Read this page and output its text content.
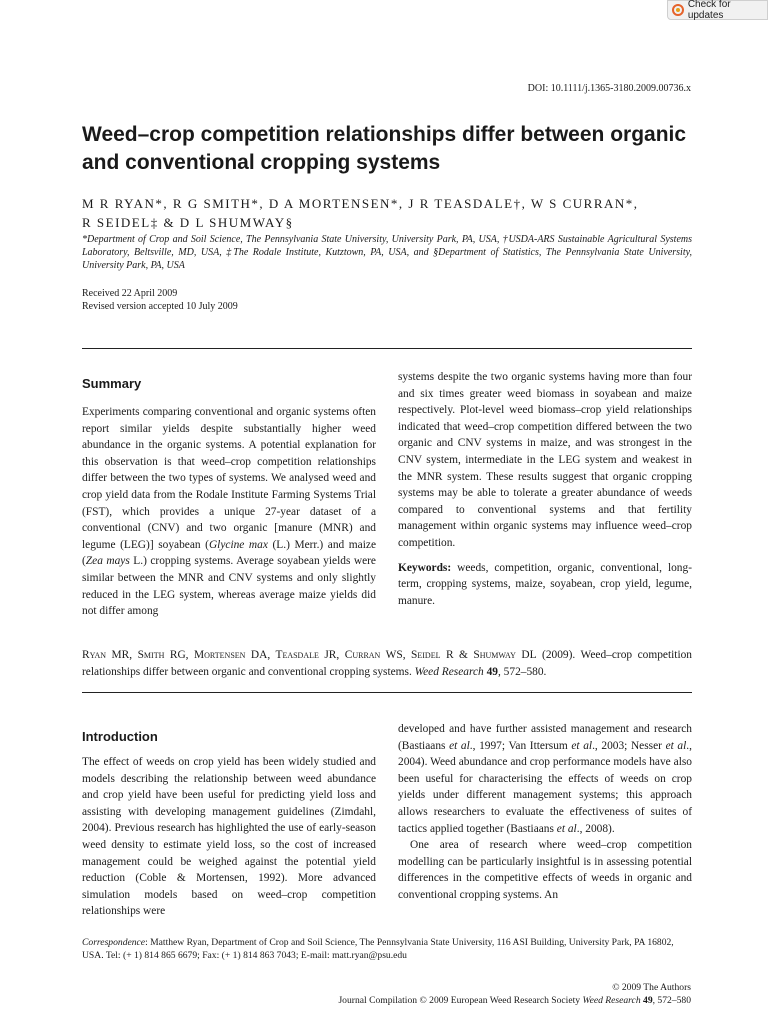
Check for updates
DOI: 10.1111/j.1365-3180.2009.00736.x
Weed–crop competition relationships differ between organic and conventional cropping systems
M R RYAN*, R G SMITH*, D A MORTENSEN*, J R TEASDALE†, W S CURRAN*,
R SEIDEL‡ & D L SHUMWAY§
*Department of Crop and Soil Science, The Pennsylvania State University, University Park, PA, USA, †USDA-ARS Sustainable Agricultural Systems Laboratory, Beltsville, MD, USA, ‡The Rodale Institute, Kutztown, PA, USA, and §Department of Statistics, The Pennsylvania State University, University Park, PA, USA
Received 22 April 2009
Revised version accepted 10 July 2009
Summary

Experiments comparing conventional and organic systems often report similar yields despite substantially higher weed abundance in the organic systems. A potential explanation for this observation is that weed–crop competition relationships differ between the two types of systems. We analysed weed and crop yield data from the Rodale Institute Farming Systems Trial (FST), which provides a unique 27-year dataset of a conventional (CNV) and two organic [manure (MNR) and legume (LEG)] soyabean (Glycine max (L.) Merr.) and maize (Zea mays L.) cropping systems. Average soyabean yields were similar between the MNR and CNV systems and only slightly reduced in the LEG system, whereas average maize yields did not differ among

systems despite the two organic systems having more than four and six times greater weed biomass in soyabean and maize respectively. Plot-level weed biomass–crop yield relationships indicated that weed–crop competition differed between the two organic and CNV systems in maize, and was strongest in the CNV system, intermediate in the LEG system and weakest in the MNR system. These results suggest that organic cropping systems may be able to tolerate a greater abundance of weeds compared to conventional systems and that fertility management within organic systems may influence weed–crop competition.

Keywords: weeds, competition, organic, conventional, long-term, cropping systems, maize, soyabean, crop yield, legume, manure.

Ryan MR, Smith RG, Mortensen DA, Teasdale JR, Curran WS, Seidel R & Shumway DL (2009). Weed–crop competition relationships differ between organic and conventional cropping systems. Weed Research 49, 572–580.
Introduction

The effect of weeds on crop yield has been widely studied and models describing the relationship between weed abundance and crop yield have been useful for predicting yield loss and assisting with developing management guidelines (Zimdahl, 2004). Previous research has highlighted the use of early-season weed density to estimate yield loss, so the cost of increased management could be weighed against the potential yield reduction (Coble & Mortensen, 1992). More advanced simulation models based on weed–crop competition relationships were

developed and have further assisted management and research (Bastiaans et al., 1997; Van Ittersum et al., 2003; Nesser et al., 2004). Weed abundance and crop performance models have also been useful for characterising the effects of weeds on crop yields under different management systems; this approach allows researchers to evaluate the effectiveness of suites of tactics applied together (Bastiaans et al., 2008).

One area of research where weed–crop competition modelling can be particularly insightful is in assessing potential differences in the competitive effects of weeds in organic and conventional cropping systems. An

Correspondence: Matthew Ryan, Department of Crop and Soil Science, The Pennsylvania State University, 116 ASI Building, University Park, PA 16802, USA. Tel: (+ 1) 814 865 6679; Fax: (+ 1) 814 863 7043; E-mail: matt.ryan@psu.edu
© 2009 The Authors
Journal Compilation © 2009 European Weed Research Society Weed Research 49, 572–580
